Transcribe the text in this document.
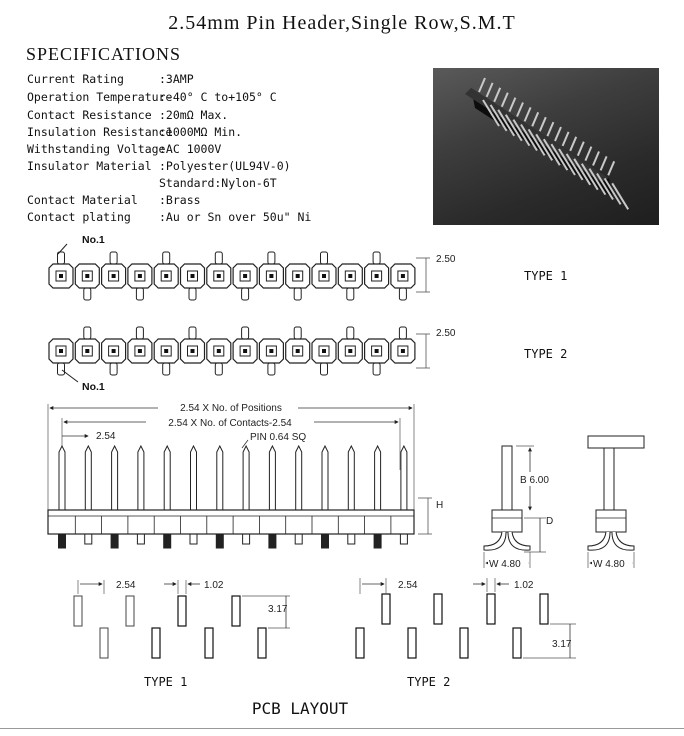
2.54mm Pin Header,Single Row,S.M.T
SPECIFICATIONS
Current Rating	:3AMP
Operation Temperature:-40° C to+105° C
Contact Resistance :20mΩ Max.
Insulation Resistance:1000MΩ Min.
Withstanding Voltage:AC 1000V
Insulator Material :Polyester(UL94V-0)
Standard:Nylon-6T
Contact Material :Brass
Contact plating :Au or Sn over 50u" Ni
No.1
2.50
TYPE 1
No.1
2.50
TYPE 2
2.54 X No. of Positions
2.54 X No. of Contacts-2.54
2.54	PIN 0.64 SQ
H
B 6.00
D
W 4.80	W 4.80
2.54	1.02
3.17
TYPE 1
2.54	1.02
3.17
TYPE 2
PCB LAYOUT
